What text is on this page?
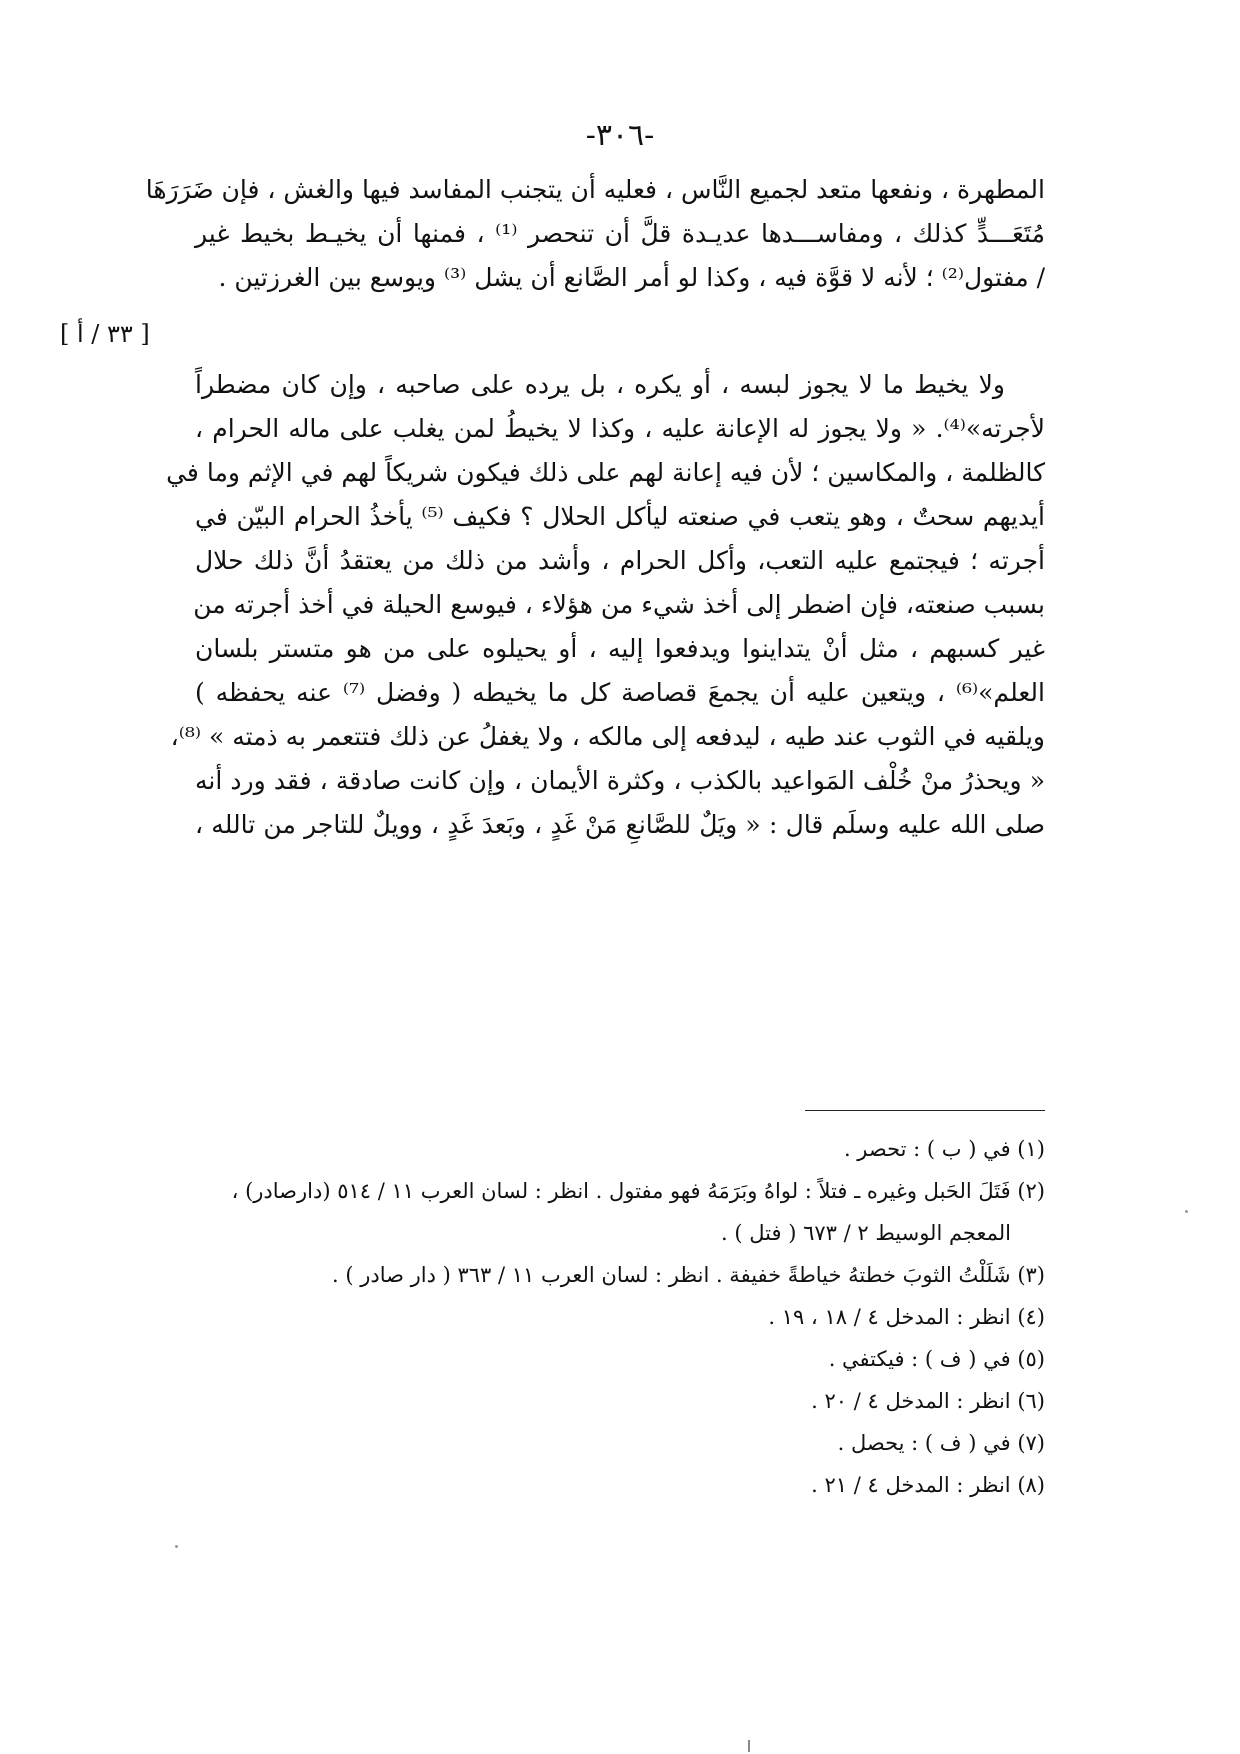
-٣٠٦-
المطهرة ، ونفعها متعد لجميع النَّاس ، فعليه أن يتجنب المفاسد فيها والغش ، فإن ضَرَرَهَا
مُتَعَـــدٍّ كذلك ، ومفاســـدها عديـدة قلَّ أن تنحصر ⁽¹⁾ ، فمنها أن يخيـط بخيط غير
/ مفتول⁽²⁾ ؛ لأنه لا قوَّة فيه ، وكذا لو أمر الصَّانع أن يشل ⁽³⁾ ويوسع بين الغرزتين .
[ ٣٣ / أ ]
ولا يخيط ما لا يجوز لبسه ، أو يكره ، بل يرده على صاحبه ، وإن كان مضطراً
لأجرته»⁽⁴⁾. « ولا يجوز له الإعانة عليه ، وكذا لا يخيطُ لمن يغلب على ماله الحرام ،
كالظلمة ، والمكاسين ؛ لأن فيه إعانة لهم على ذلك فيكون شريكاً لهم في الإثم وما في
أيديهم سحتٌ ، وهو يتعب في صنعته ليأكل الحلال ؟ فكيف ⁽⁵⁾ يأخذُ الحرام البيّن في
أجرته ؛ فيجتمع عليه التعب، وأكل الحرام ، وأشد من ذلك من يعتقدُ أنَّ ذلك حلال
بسبب صنعته، فإن اضطر إلى أخذ شيء من هؤلاء ، فيوسع الحيلة في أخذ أجرته من
غير كسبهم ، مثل أنْ يتداينوا ويدفعوا إليه ، أو يحيلوه على من هو متستر بلسان
العلم»⁽⁶⁾ ، ويتعين عليه أن يجمعَ قصاصة كل ما يخيطه ( وفضل ⁽⁷⁾ عنه يحفظه )
ويلقيه في الثوب عند طيه ، ليدفعه إلى مالكه ، ولا يغفلُ عن ذلك فتتعمر به ذمته » ⁽⁸⁾،
« ويحذرُ منْ خُلْف المَواعيد بالكذب ، وكثرة الأيمان ، وإن كانت صادقة ، فقد ورد أنه
صلى الله عليه وسلَم قال : « ويَلٌ للصَّانعِ مَنْ غَدٍ ، وبَعدَ غَدٍ ، وويلٌ للتاجر من تالله ،
(١) في ( ب ) : تحصر .
(٢) فَتَلَ الحَبل وغيره ـ فتلاً : لواهُ وبَرَمَهُ فهو مفتول . انظر : لسان العرب ١١ / ٥١٤ (دارصادر) ،
المعجم الوسيط ٢ / ٦٧٣ ( فتل ) .
(٣) شَلَلْتُ الثوبَ خطتهُ خياطةً خفيفة . انظر : لسان العرب ١١ / ٣٦٣ ( دار صادر ) .
(٤) انظر : المدخل ٤ / ١٨ ، ١٩ .
(٥) في ( ف ) : فيكتفي .
(٦) انظر : المدخل ٤ / ٢٠ .
(٧) في ( ف ) : يحصل .
(٨) انظر : المدخل ٤ / ٢١ .
